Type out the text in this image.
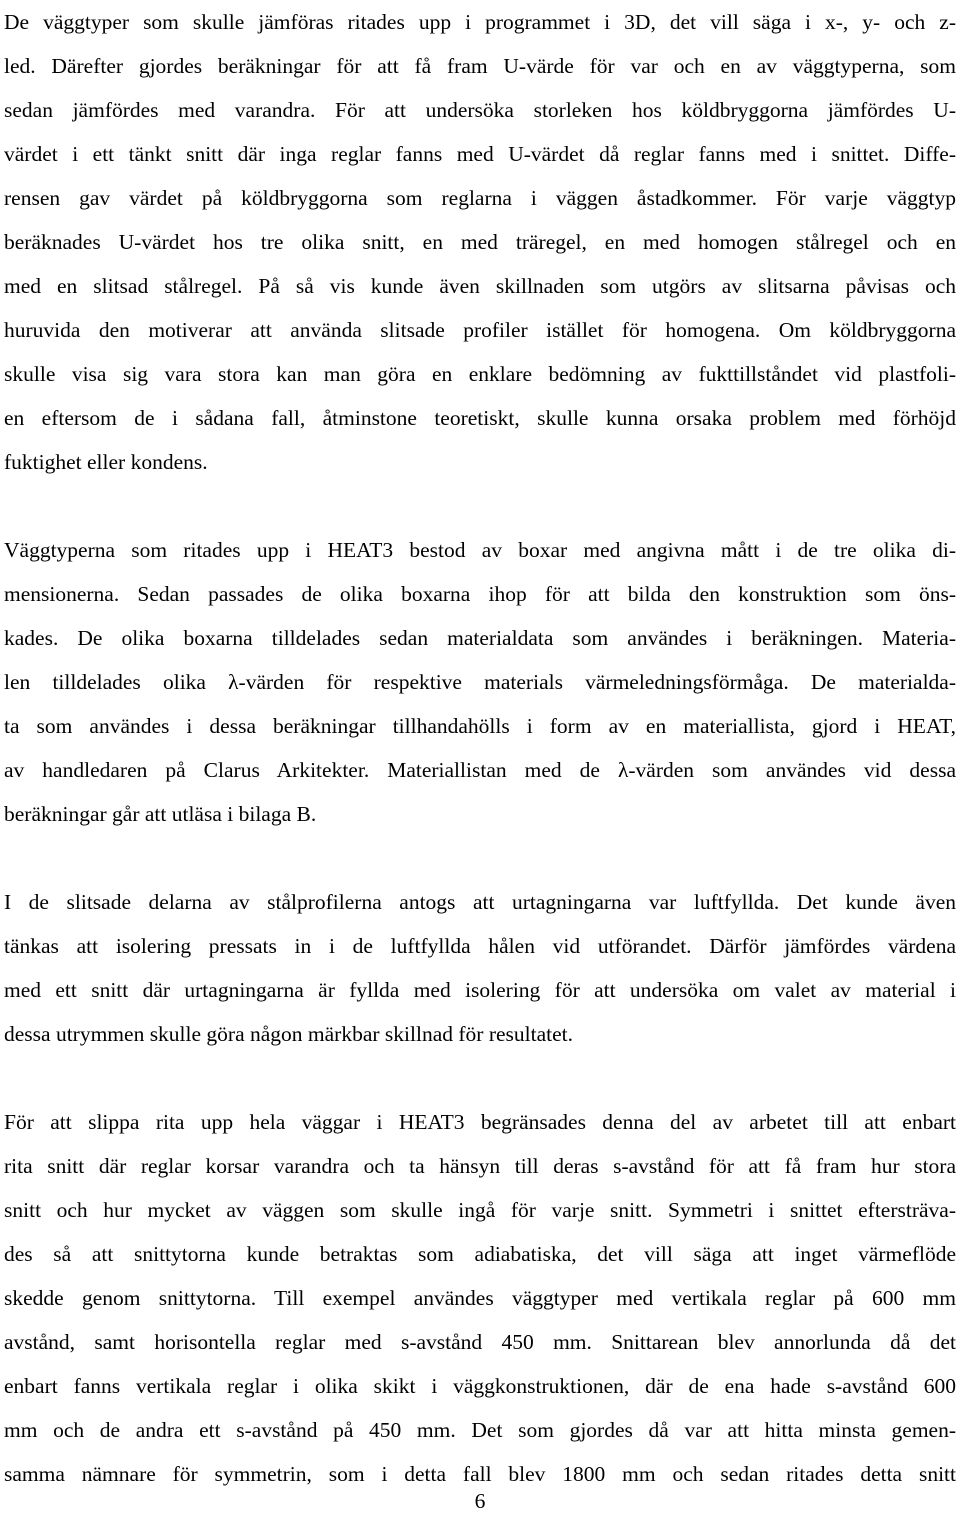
De väggtyper som skulle jämföras ritades upp i programmet i 3D, det vill säga i x-, y- och z-
led. Därefter gjordes beräkningar för att få fram U-värde för var och en av väggtyperna, som
sedan jämfördes med varandra. För att undersöka storleken hos köldbryggorna jämfördes U-
värdet i ett tänkt snitt där inga reglar fanns med U-värdet då reglar fanns med i snittet. Diffe-
rensen gav värdet på köldbryggorna som reglarna i väggen åstadkommer. För varje väggtyp
beräknades U-värdet hos tre olika snitt, en med träregel, en med homogen stålregel och en
med en slitsad stålregel. På så vis kunde även skillnaden som utgörs av slitsarna påvisas och
huruvida den motiverar att använda slitsade profiler istället för homogena. Om köldbryggorna
skulle visa sig vara stora kan man göra en enklare bedömning av fukttillståndet vid plastfoli-
en eftersom de i sådana fall, åtminstone teoretiskt, skulle kunna orsaka problem med förhöjd
fuktighet eller kondens.
Väggtyperna som ritades upp i HEAT3 bestod av boxar med angivna mått i de tre olika di-
mensionerna. Sedan passades de olika boxarna ihop för att bilda den konstruktion som öns-
kades. De olika boxarna tilldelades sedan materialdata som användes i beräkningen. Materia-
len tilldelades olika λ-värden för respektive materials värmeledningsförmåga. De materialda-
ta som användes i dessa beräkningar tillhandahölls i form av en materiallista, gjord i HEAT,
av handledaren på Clarus Arkitekter. Materiallistan med de λ-värden som användes vid dessa
beräkningar går att utläsa i bilaga B.
I de slitsade delarna av stålprofilerna antogs att urtagningarna var luftfyllda. Det kunde även
tänkas att isolering pressats in i de luftfyllda hålen vid utförandet. Därför jämfördes värdena
med ett snitt där urtagningarna är fyllda med isolering för att undersöka om valet av material i
dessa utrymmen skulle göra någon märkbar skillnad för resultatet.
För att slippa rita upp hela väggar i HEAT3 begränsades denna del av arbetet till att enbart
rita snitt där reglar korsar varandra och ta hänsyn till deras s-avstånd för att få fram hur stora
snitt och hur mycket av väggen som skulle ingå för varje snitt. Symmetri i snittet eftersträva-
des så att snittytorna kunde betraktas som adiabatiska, det vill säga att inget värmeflöde
skedde genom snittytorna. Till exempel användes väggtyper med vertikala reglar på 600 mm
avstånd, samt horisontella reglar med s-avstånd 450 mm. Snittarean blev annorlunda då det
enbart fanns vertikala reglar i olika skikt i väggkonstruktionen, där de ena hade s-avstånd 600
mm och de andra ett s-avstånd på 450 mm. Det som gjordes då var att hitta minsta gemen-
samma nämnare för symmetrin, som i detta fall blev 1800 mm och sedan ritades detta snitt
6
